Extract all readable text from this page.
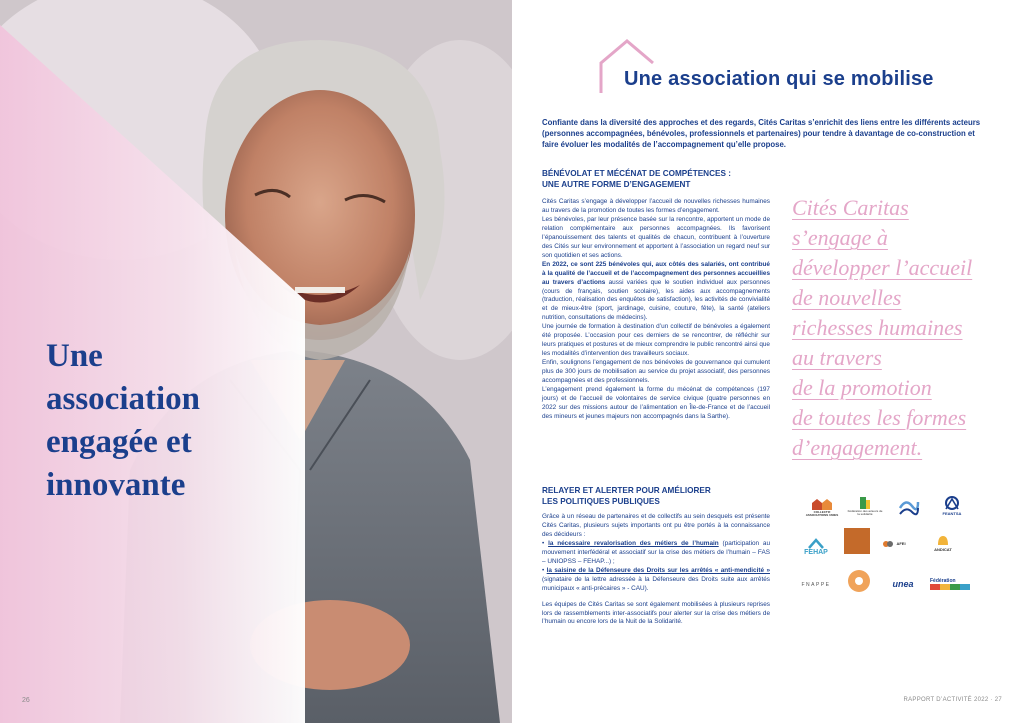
Une
association
engagée et
innovante
26
Une association qui se mobilise

Confiante dans la diversité des approches et des regards, Cités Caritas s’enrichit des liens entre les différents acteurs (personnes accompagnées, bénévoles, professionnels et partenaires) pour tendre à davantage de co-construction et faire évoluer les modalités de l’accompagnement qu’elle propose.

BÉNÉVOLAT ET MÉCÉNAT DE COMPÉTENCES :
UNE AUTRE FORME D’ENGAGEMENT

Cités Caritas s’engage à développer l’accueil de nouvelles richesses humaines au travers de la promotion de toutes les formes d’engagement.

Les bénévoles, par leur présence basée sur la rencontre, apportent un mode de relation complémentaire aux personnes accompagnées. Ils favorisent l’épanouissement des talents et qualités de chacun, contribuent à l’ouverture des Cités sur leur environnement et apportent à l’association un regard neuf sur son quotidien et ses actions.

En 2022, ce sont 225 bénévoles qui, aux côtés des salariés, ont contribué à la qualité de l’accueil et de l’accompagnement des personnes accueillies au travers d’actions aussi variées que le soutien individuel aux personnes (cours de français, soutien scolaire), les aides aux accompagnements (traduction, réalisation des enquêtes de satisfaction), les activités de convivialité et de mieux-être (sport, jardinage, cuisine, couture, fête), la santé (ateliers nutrition, consultations de médecins).

Une journée de formation à destination d’un collectif de bénévoles a également été proposée. L’occasion pour ces derniers de se rencontrer, de réfléchir sur leurs pratiques et postures et de mieux comprendre le public rencontré ainsi que les modalités d’intervention des travailleurs sociaux.

Enfin, soulignons l’engagement de nos bénévoles de gouvernance qui cumulent plus de 300 jours de mobilisation au service du projet associatif, des personnes accompagnées et des professionnels.

L’engagement prend également la forme du mécénat de compétences (197 jours) et de l’accueil de volontaires de service civique (quatre personnes en 2022 sur des missions autour de l’alimentation en Île-de-France et de l’accueil des mineurs et jeunes majeurs non accompagnés dans la Sarthe).

RELAYER ET ALERTER POUR AMÉLIORER
LES POLITIQUES PUBLIQUES

Grâce à un réseau de partenaires et de collectifs au sein desquels est présente Cités Caritas, plusieurs sujets importants ont pu être portés à la connaissance des décideurs :

• la nécessaire revalorisation des métiers de l’humain (participation au mouvement interfédéral et associatif sur la crise des métiers de l’humain – FAS – UNIOPSS – FEHAP...) ;

• la saisine de la Défenseure des Droits sur les arrêtés « anti-mendicité » (signataire de la lettre adressée à la Défenseure des Droits suite aux arrêtés municipaux « anti-précaires » - CAU).

Les équipes de Cités Caritas se sont également mobilisées à plusieurs reprises lors de rassemblements inter-associatifs pour alerter sur la crise des métiers de l’humain ou encore lors de la Nuit de la Solidarité.

Cités Caritas
s’engage à
développer l’accueil
de nouvelles
richesses humaines
au travers
de la promotion
de toutes les formes
d’engagement.
COLLECTIF ASSOCIATIONS UNIES
Fédération des acteurs de la solidarité	FEANTSA
FEHAP
AFEI
ANDICAT
FNAPPE	unea	Fédération
RAPPORT D’ACTIVITÉ 2022 · 27
